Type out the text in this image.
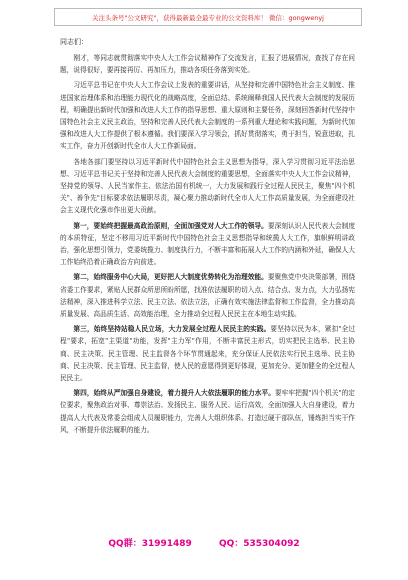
关注头条号"公文研究"，获得最新最全最专业的公文资料库！ 微信：gongwenyj

同志们：

刚才，等同志就贯彻落实中央人大工作会议精神作了交流发言，汇报了进展情况，查找了存在问题，说得很好，要再接再厉、再加压力，推动各项任务落到实处。

习近平总书记在中央人大工作会议上发表的重要讲话，从坚持和完善中国特色社会主义制度、推进国家治理体系和治理能力现代化的战略高度，全面总结、系统阐释我国人民代表大会制度的发展历程，明确提出新时代加强和改进人大工作的指导思想、重大原则和主要任务，深刻回答新时代坚持中国特色社会主义民主政治，坚持和完善人民代表大会制度的一系列重大理论和实践问题，为新时代加强和改进人大工作提供了根本遵循。我们要深入学习领会，抓好贯彻落实，勇于担当，锐意进取，扎实工作，奋力开创新时代全市人大工作新局面。

各地各部门要坚持以习近平新时代中国特色社会主义思想为指导，深入学习贯彻习近平法治思想、习近平总书记关于坚持和完善人民代表大会制度的重要思想，全面落实中央人大工作会议精神，坚持党的领导、人民当家作主、依法治国有机统一，大力发展和践行全过程人民民主，聚焦"四个机关"、善争先"目标要求依法履职尽责，凝心聚力推动新时代全市人大工作高质量发展，为全面建设社会主义现代化强市作出更大贡献。

第一，要始终把握最高政治原则，全面加强党对人大工作的领导。要深刻认识人民代表大会制度的本质特征，坚定不移用习近平新时代中国特色社会主义思想指导和统揽人大工作，旗帜鲜明讲政治，强化思想引领力，党委统揽力、制度执行力，不断丰富和拓展人大工作的内涵和外延，确保人大工作始终沿着正确政治方向前进。

第二，始终服务中心大局，更好把人大制度优势转化为治理效能。要聚焦党中央决策部署，围绕省委工作要求，紧贴人民群众所思所盼所愿，找准依法履职的切入点、结合点、发力点，大力弘扬宪法精神，深入推进科学立法、民主立法、依法立法，正确有效实施法律监督和工作监督，全力推动高质量发展、高品质生活、高效能治理，全力推动全过程人民民主在本地生动实践。

第三，始终坚持站稳人民立场，大力发展全过程人民民主的实践。要坚持以民为本，紧扣"全过程"要求，拓宽"主渠道"功能，发挥"主力军"作用，不断丰富民主形式，切实把民主选举、民主协商、民主决策、民主管理、民主监督各个环节贯通起来，充分保证人民依法实行民主选举、民主协商、民主决策、民主管理、民主监督，使人民的意愿得到更好体现，更加充分、更加健全的全过程人民民主。

第四，始终从严加强自身建设，着力提升人大依法履职的能力水平。要牢牢把握"四个机关"的定位要求，聚焦政治对事、尊崇法治、发扬民主、服务人民、运行高效，全面加强人大自身建设，着力提高人大代表及常委会组成人员履职能力，完善人大组织体系、打造过硬干部队伍，锤炼担当实干作风，不断提升依法履职的能力。

QQ群：31991489	QQ：535304092
